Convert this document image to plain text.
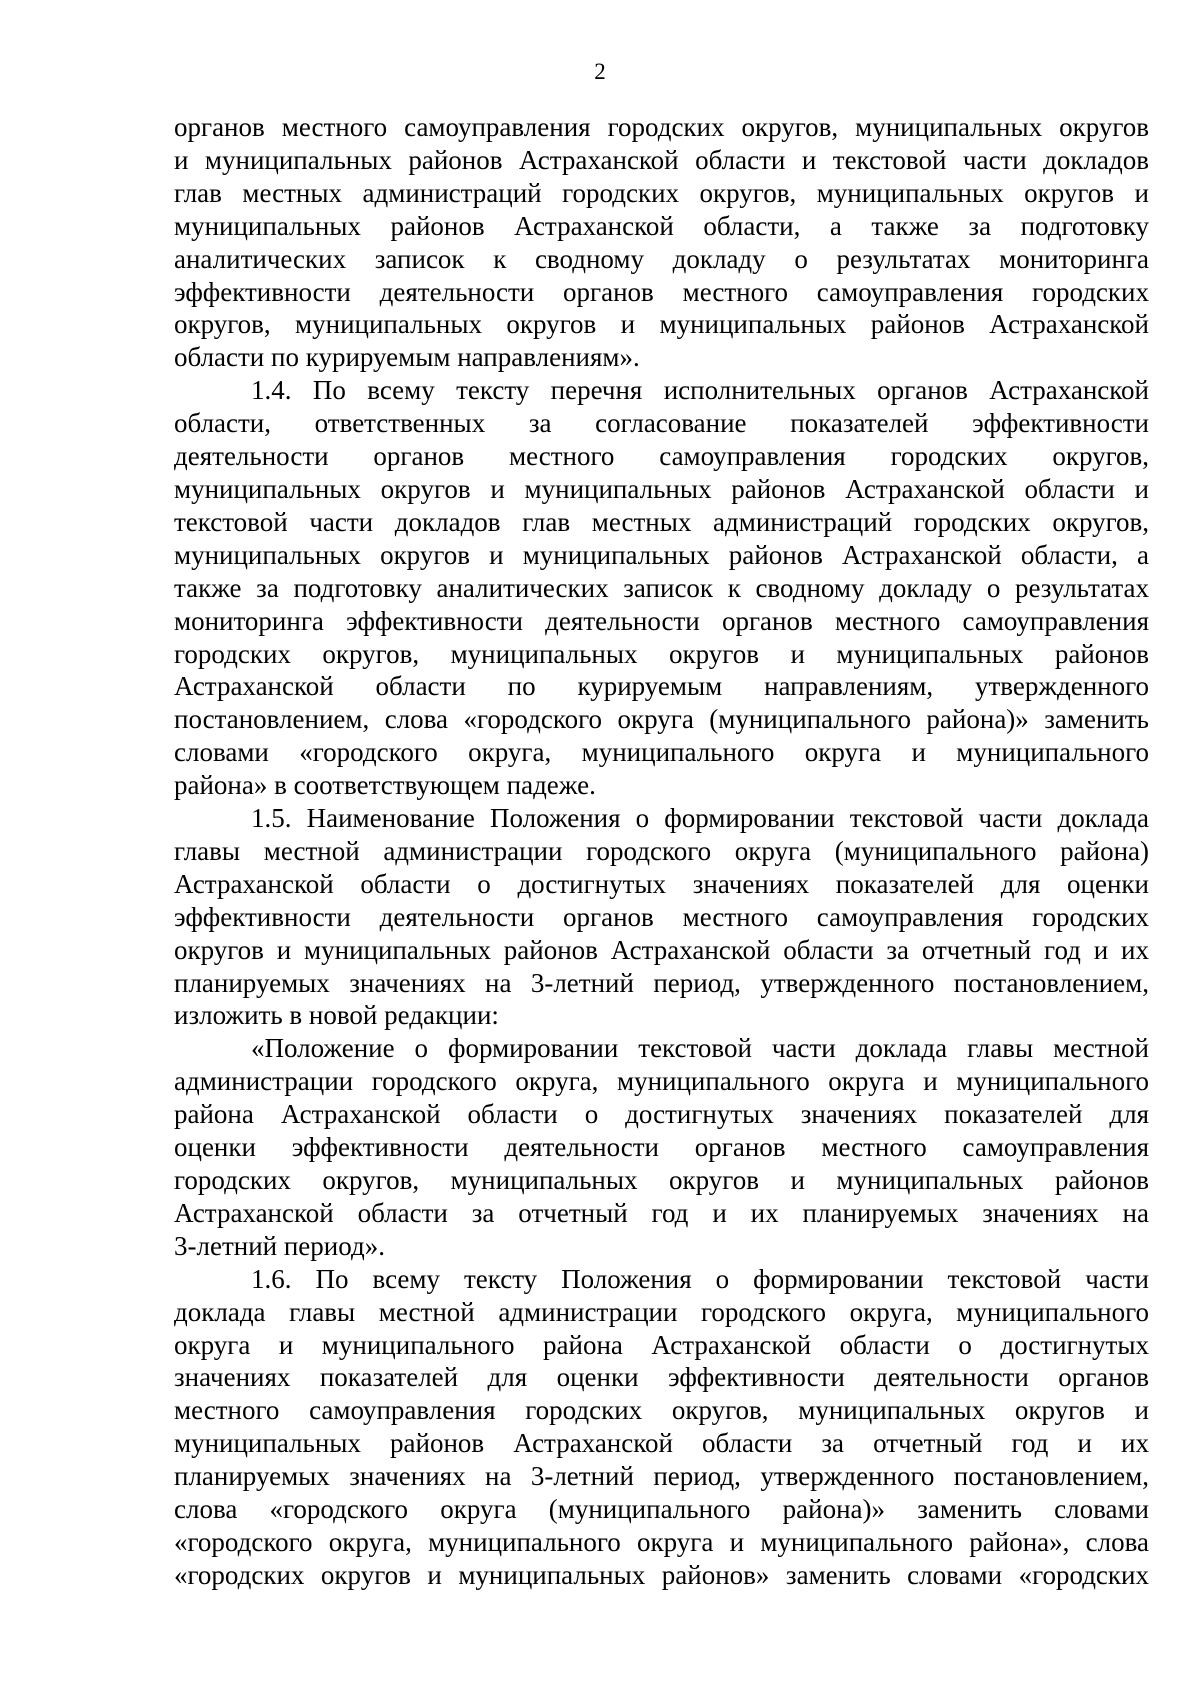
2
органов местного самоуправления городских округов, муниципальных округов
и муниципальных районов Астраханской области и текстовой части докладов
глав местных администраций городских округов, муниципальных округов и
муниципальных районов Астраханской области, а также за подготовку
аналитических записок к сводному докладу о результатах мониторинга
эффективности деятельности органов местного самоуправления городских
округов, муниципальных округов и муниципальных районов Астраханской
области по курируемым направлениям».
1.4. По всему тексту перечня исполнительных органов Астраханской
области, ответственных за согласование показателей эффективности
деятельности органов местного самоуправления городских округов,
муниципальных округов и муниципальных районов Астраханской области и
текстовой части докладов глав местных администраций городских округов,
муниципальных округов и муниципальных районов Астраханской области, а
также за подготовку аналитических записок к сводному докладу о результатах
мониторинга эффективности деятельности органов местного самоуправления
городских округов, муниципальных округов и муниципальных районов
Астраханской области по курируемым направлениям, утвержденного
постановлением, слова «городского округа (муниципального района)» заменить
словами «городского округа, муниципального округа и муниципального
района» в соответствующем падеже.
1.5. Наименование Положения о формировании текстовой части доклада
главы местной администрации городского округа (муниципального района)
Астраханской области о достигнутых значениях показателей для оценки
эффективности деятельности органов местного самоуправления городских
округов и муниципальных районов Астраханской области за отчетный год и их
планируемых значениях на 3-летний период, утвержденного постановлением,
изложить в новой редакции:
«Положение о формировании текстовой части доклада главы местной
администрации городского округа, муниципального округа и муниципального
района Астраханской области о достигнутых значениях показателей для
оценки эффективности деятельности органов местного самоуправления
городских округов, муниципальных округов и муниципальных районов
Астраханской области за отчетный год и их планируемых значениях на
3-летний период».
1.6. По всему тексту Положения о формировании текстовой части
доклада главы местной администрации городского округа, муниципального
округа и муниципального района Астраханской области о достигнутых
значениях показателей для оценки эффективности деятельности органов
местного самоуправления городских округов, муниципальных округов и
муниципальных районов Астраханской области за отчетный год и их
планируемых значениях на 3-летний период, утвержденного постановлением,
слова «городского округа (муниципального района)» заменить словами
«городского округа, муниципального округа и муниципального района», слова
«городских округов и муниципальных районов» заменить словами «городских
